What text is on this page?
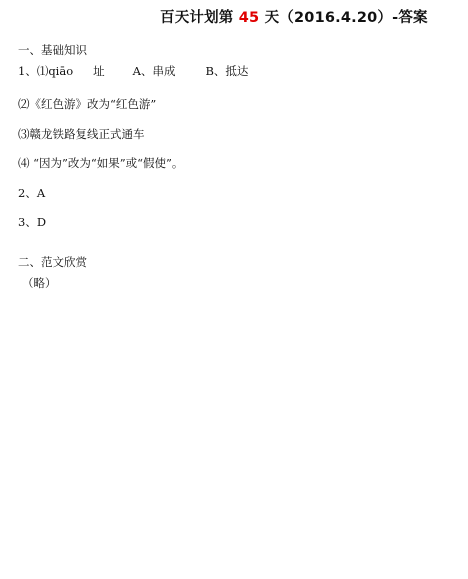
百天计划第 45 天（2016.4.20）-答案
一、基础知识
1、⑴qiāo 址 A、串成	B、抵达
⑵《红色游》改为“红色游”
⑶赣龙铁路复线正式通车
⑷ “因为”改为“如果”或“假使”。
2、A
3、D
二、范文欣赏
（略）
